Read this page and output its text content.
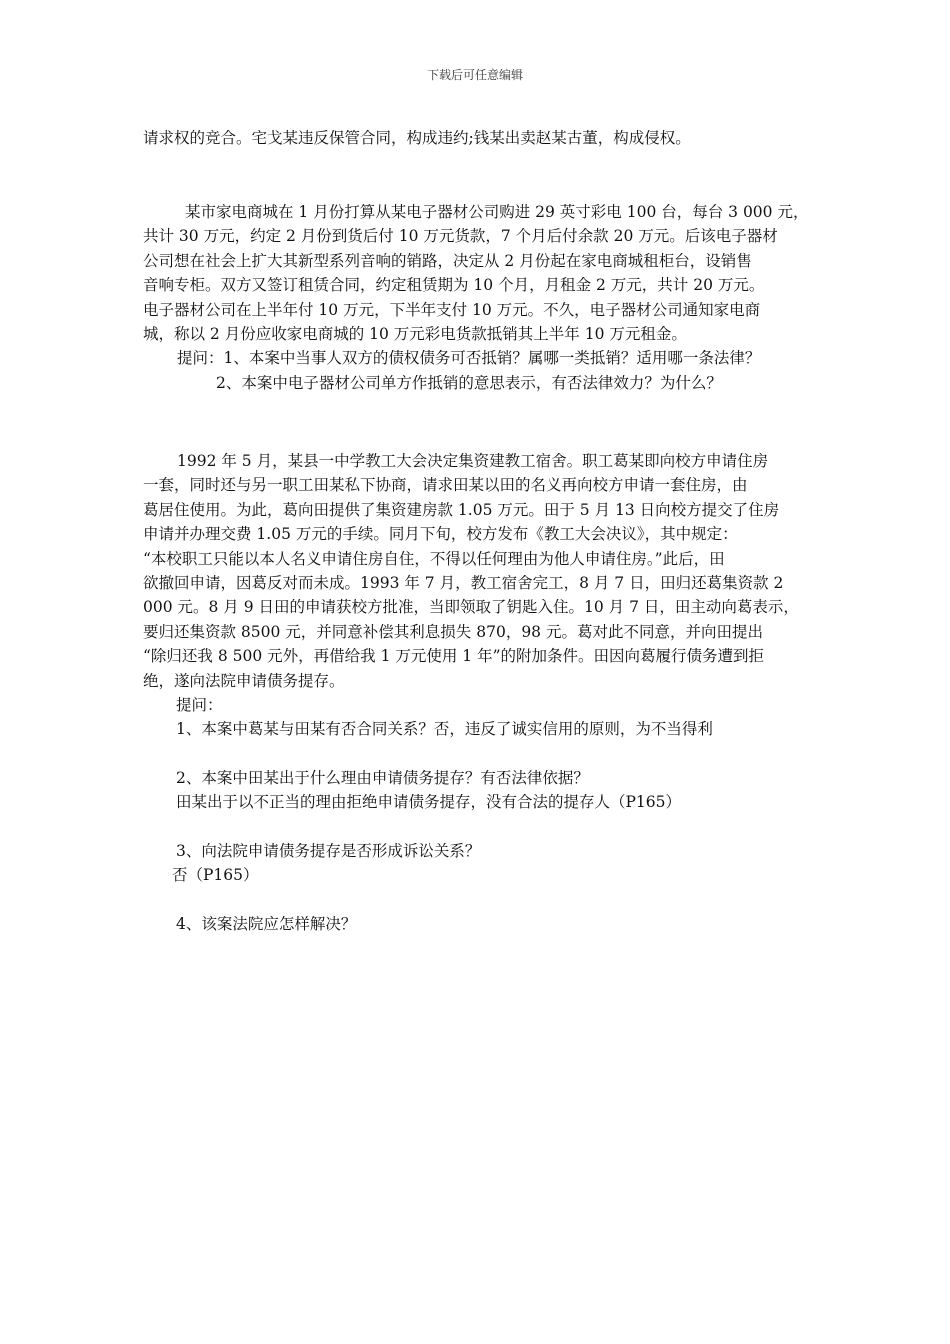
下载后可任意编辑
请求权的竞合。宅戈某违反保管合同，构成违约;钱某出卖赵某古董，构成侵权。
某市家电商城在 1 月份打算从某电子器材公司购进 29 英寸彩电 100 台，每台 3 000 元，
共计 30 万元，约定 2 月份到货后付 10 万元货款，7 个月后付余款 20 万元。后该电子器材
公司想在社会上扩大其新型系列音响的销路，决定从 2 月份起在家电商城租柜台，设销售
音响专柜。双方又签订租赁合同，约定租赁期为 10 个月，月租金 2 万元，共计 20 万元。
电子器材公司在上半年付 10 万元，下半年支付 10 万元。不久，电子器材公司通知家电商
城，称以 2 月份应收家电商城的 10 万元彩电货款抵销其上半年 10 万元租金。
提问：1、本案中当事人双方的债权债务可否抵销？属哪一类抵销？适用哪一条法律？
2、本案中电子器材公司单方作抵销的意思表示，有否法律效力？为什么？
1992 年 5 月，某县一中学教工大会决定集资建教工宿舍。职工葛某即向校方申请住房
一套，同时还与另一职工田某私下协商，请求田某以田的名义再向校方申请一套住房，由
葛居住使用。为此，葛向田提供了集资建房款 1.05 万元。田于 5 月 13 日向校方提交了住房
申请并办理交费 1.05 万元的手续。同月下旬，校方发布《教工大会决议》，其中规定：
“本校职工只能以本人名义申请住房自住，不得以任何理由为他人申请住房。”此后，田
欲撤回申请，因葛反对而未成。1993 年 7 月，教工宿舍完工，8 月 7 日，田归还葛集资款 2
000 元。8 月 9 日田的申请获校方批准，当即领取了钥匙入住。10 月 7 日，田主动向葛表示，
要归还集资款 8500 元，并同意补偿其利息损失 870，98 元。葛对此不同意，并向田提出
“除归还我 8 500 元外，再借给我 1 万元使用 1 年”的附加条件。田因向葛履行债务遭到拒
绝，遂向法院申请债务提存。
提问：
1、本案中葛某与田某有否合同关系？否，违反了诚实信用的原则，为不当得利
2、本案中田某出于什么理由申请债务提存？有否法律依据？
田某出于以不正当的理由拒绝申请债务提存，没有合法的提存人（P165）
3、向法院申请债务提存是否形成诉讼关系？
否（P165）
4、该案法院应怎样解决？
